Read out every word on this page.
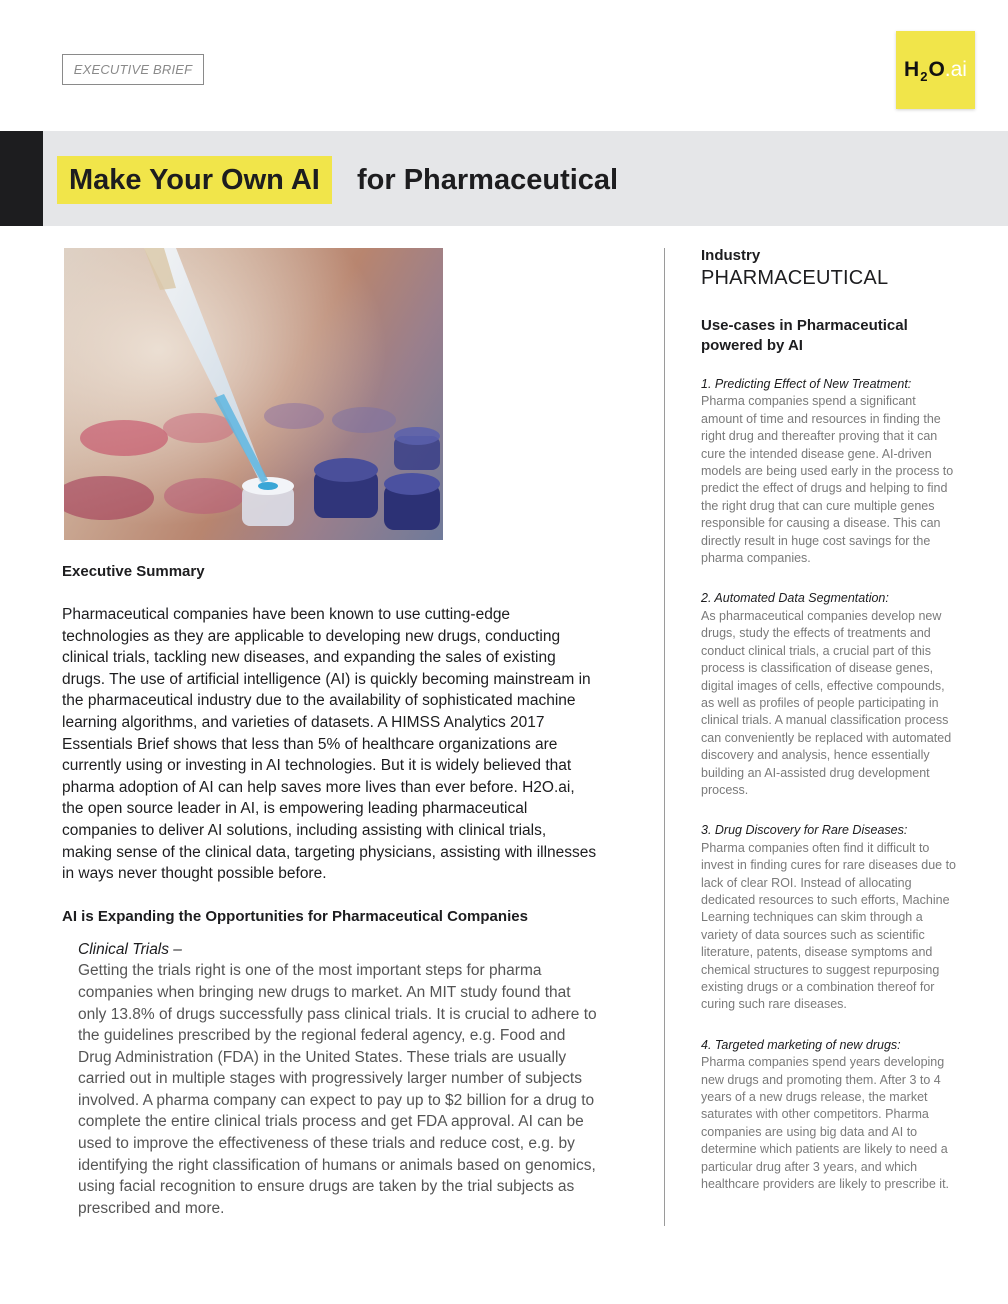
EXECUTIVE BRIEF	H 2 O .ai
Make Your Own AI	for Pharmaceutical
Executive Summary

Pharmaceutical companies have been known to use cutting-edge technologies as they are applicable to developing new drugs, conducting clinical trials, tackling new diseases, and expanding the sales of existing drugs. The use of artificial intelligence (AI) is quickly becoming mainstream in the pharmaceutical industry due to the availability of sophisticated machine learning algorithms, and varieties of datasets. A HIMSS Analytics 2017 Essentials Brief shows that less than 5% of healthcare organizations are currently using or investing in AI technologies. But it is widely believed that pharma adoption of AI can help saves more lives than ever before. H2O.ai, the open source leader in AI, is empowering leading pharmaceutical companies to deliver AI solutions, including assisting with clinical trials, making sense of the clinical data, targeting physicians, assisting with illnesses in ways never thought possible before.

AI is Expanding the Opportunities for Pharmaceutical Companies
Clinical Trials –

Getting the trials right is one of the most important steps for pharma companies when bringing new drugs to market. An MIT study found that only 13.8% of drugs successfully pass clinical trials. It is crucial to adhere to the guidelines prescribed by the regional federal agency, e.g. Food and Drug Administration (FDA) in the United States. These trials are usually carried out in multiple stages with progressively larger number of subjects involved. A pharma company can expect to pay up to $2 billion for a drug to complete the entire clinical trials process and get FDA approval. AI can be used to improve the effectiveness of these trials and reduce cost, e.g. by identifying the right classification of humans or animals based on genomics, using facial recognition to ensure drugs are taken by the trial subjects as prescribed and more.

Industry
PHARMACEUTICAL
Use-cases in Pharmaceutical powered by AI
1. Predicting Effect of New Treatment:

Pharma companies spend a significant amount of time and resources in finding the right drug and thereafter proving that it can cure the intended disease gene. AI-driven models are being used early in the process to predict the effect of drugs and helping to find the right drug that can cure multiple genes responsible for causing a disease. This can directly result in huge cost savings for the pharma companies.

2. Automated Data Segmentation:

As pharmaceutical companies develop new drugs, study the effects of treatments and conduct clinical trials, a crucial part of this process is classification of disease genes, digital images of cells, effective compounds, as well as profiles of people participating in clinical trials. A manual classification process can conveniently be replaced with automated discovery and analysis, hence essentially building an AI-assisted drug development process.

3. Drug Discovery for Rare Diseases:

Pharma companies often find it difficult to invest in finding cures for rare diseases due to lack of clear ROI. Instead of allocating dedicated resources to such efforts, Machine Learning techniques can skim through a variety of data sources such as scientific literature, patents, disease symptoms and chemical structures to suggest repurposing existing drugs or a combination thereof for curing such rare diseases.

4. Targeted marketing of new drugs:

Pharma companies spend years developing new drugs and promoting them. After 3 to 4 years of a new drugs release, the market saturates with other competitors. Pharma companies are using big data and AI to determine which patients are likely to need a particular drug after 3 years, and which healthcare providers are likely to prescribe it.
